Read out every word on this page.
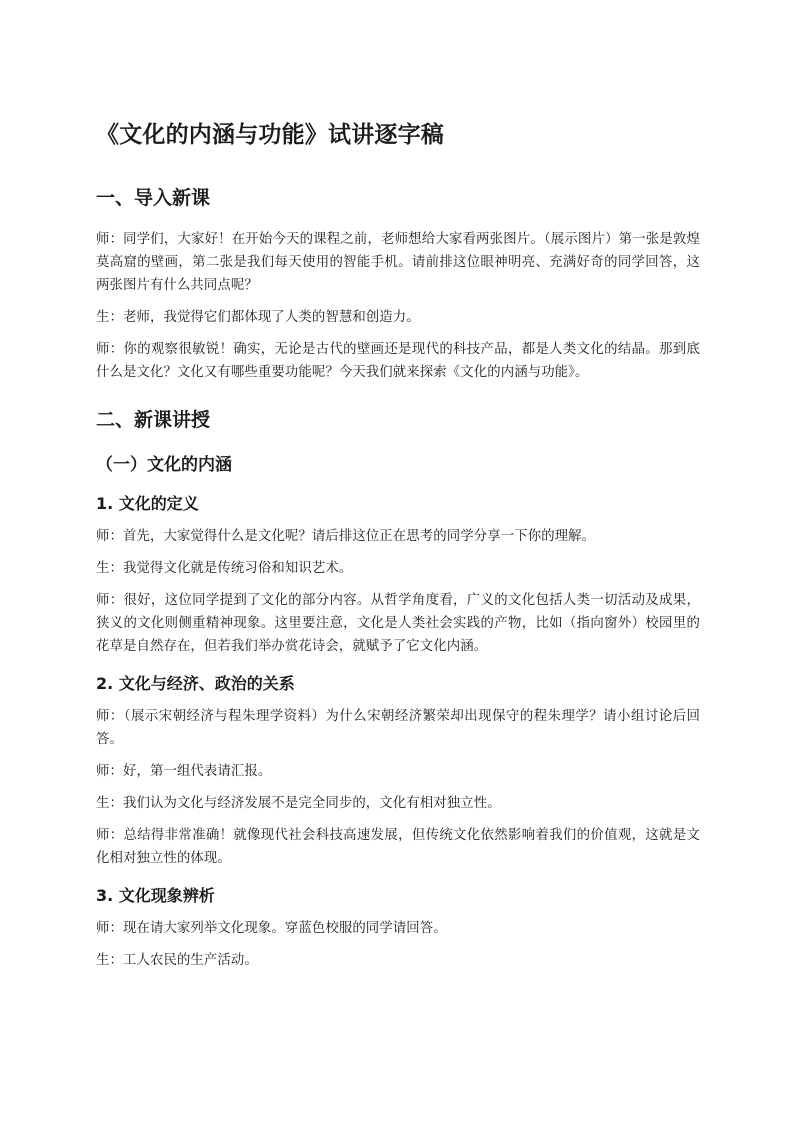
《文化的内涵与功能》试讲逐字稿
一、导入新课

师：同学们，大家好！在开始今天的课程之前，老师想给大家看两张图片。（展示图片）第一张是敦煌莫高窟的壁画，第二张是我们每天使用的智能手机。请前排这位眼神明亮、充满好奇的同学回答，这两张图片有什么共同点呢？

生：老师，我觉得它们都体现了人类的智慧和创造力。

师：你的观察很敏锐！确实，无论是古代的壁画还是现代的科技产品，都是人类文化的结晶。那到底什么是文化？文化又有哪些重要功能呢？今天我们就来探索《文化的内涵与功能》。

二、新课讲授
（一）文化的内涵
1. 文化的定义

师：首先，大家觉得什么是文化呢？请后排这位正在思考的同学分享一下你的理解。

生：我觉得文化就是传统习俗和知识艺术。

师：很好，这位同学提到了文化的部分内容。从哲学角度看，广义的文化包括人类一切活动及成果，狭义的文化则侧重精神现象。这里要注意，文化是人类社会实践的产物，比如（指向窗外）校园里的花草是自然存在，但若我们举办赏花诗会，就赋予了它文化内涵。

2. 文化与经济、政治的关系

师：（展示宋朝经济与程朱理学资料）为什么宋朝经济繁荣却出现保守的程朱理学？请小组讨论后回答。

师：好，第一组代表请汇报。

生：我们认为文化与经济发展不是完全同步的，文化有相对独立性。

师：总结得非常准确！就像现代社会科技高速发展，但传统文化依然影响着我们的价值观，这就是文化相对独立性的体现。

3. 文化现象辨析

师：现在请大家列举文化现象。穿蓝色校服的同学请回答。

生：工人农民的生产活动。
